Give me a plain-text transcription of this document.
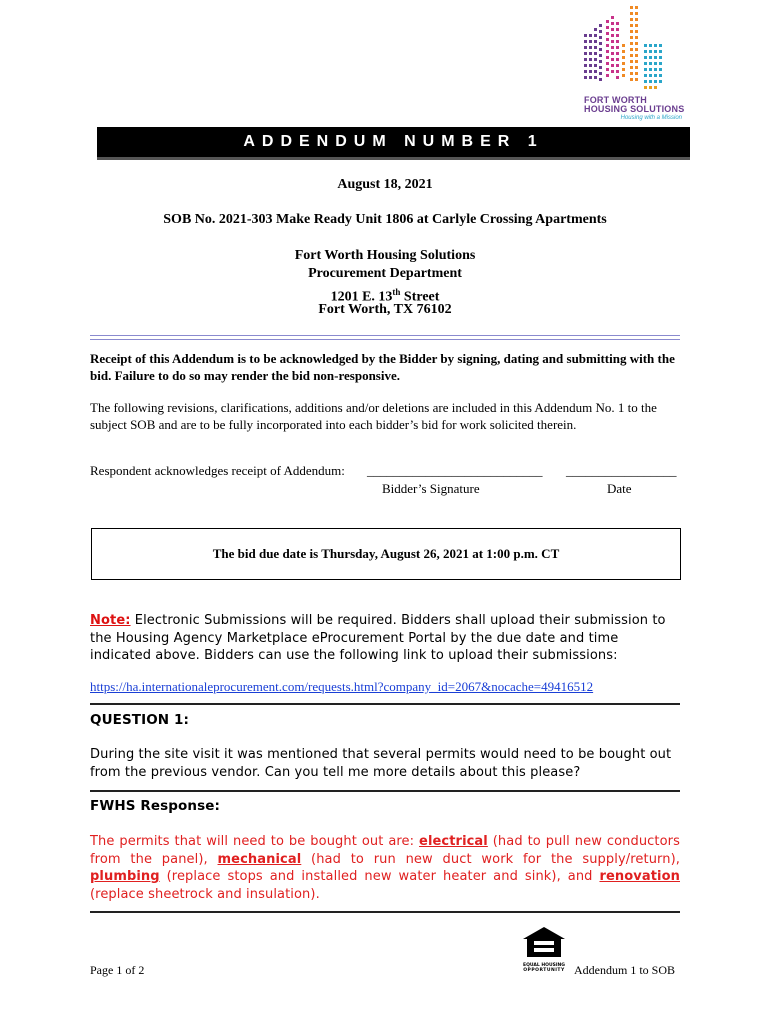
FORT WORTH
HOUSING SOLUTIONS
Housing with a Mission
ADDENDUM NUMBER 1
August 18, 2021
SOB No. 2021-303 Make Ready Unit 1806 at Carlyle Crossing Apartments
Fort Worth Housing Solutions
Procurement Department
1201 E. 13th Street
Fort Worth, TX 76102
Receipt of this Addendum is to be acknowledged by the Bidder by signing, dating and submitting with the bid. Failure to do so may render the bid non-responsive.
The following revisions, clarifications, additions and/or deletions are included in this Addendum No. 1 to the subject SOB and are to be fully incorporated into each bidder’s bid for work solicited therein.
Respondent acknowledges receipt of Addendum: ___________________________ _________________
Bidder’s Signature	Date
The bid due date is Thursday, August 26, 2021 at 1:00 p.m. CT
Note: Electronic Submissions will be required. Bidders shall upload their submission to the Housing Agency Marketplace eProcurement Portal by the due date and time indicated above. Bidders can use the following link to upload their submissions:
https://ha.internationaleprocurement.com/requests.html?company_id=2067&nocache=49416512
QUESTION 1:
During the site visit it was mentioned that several permits would need to be bought out from the previous vendor. Can you tell me more details about this please?
FWHS Response:
The permits that will need to be bought out are: electrical (had to pull new conductors from the panel), mechanical (had to run new duct work for the supply/return), plumbing (replace stops and installed new water heater and sink), and renovation (replace sheetrock and insulation).
Page 1 of 2	EQUAL HOUSING
OPPORTUNITY Addendum 1 to SOB
